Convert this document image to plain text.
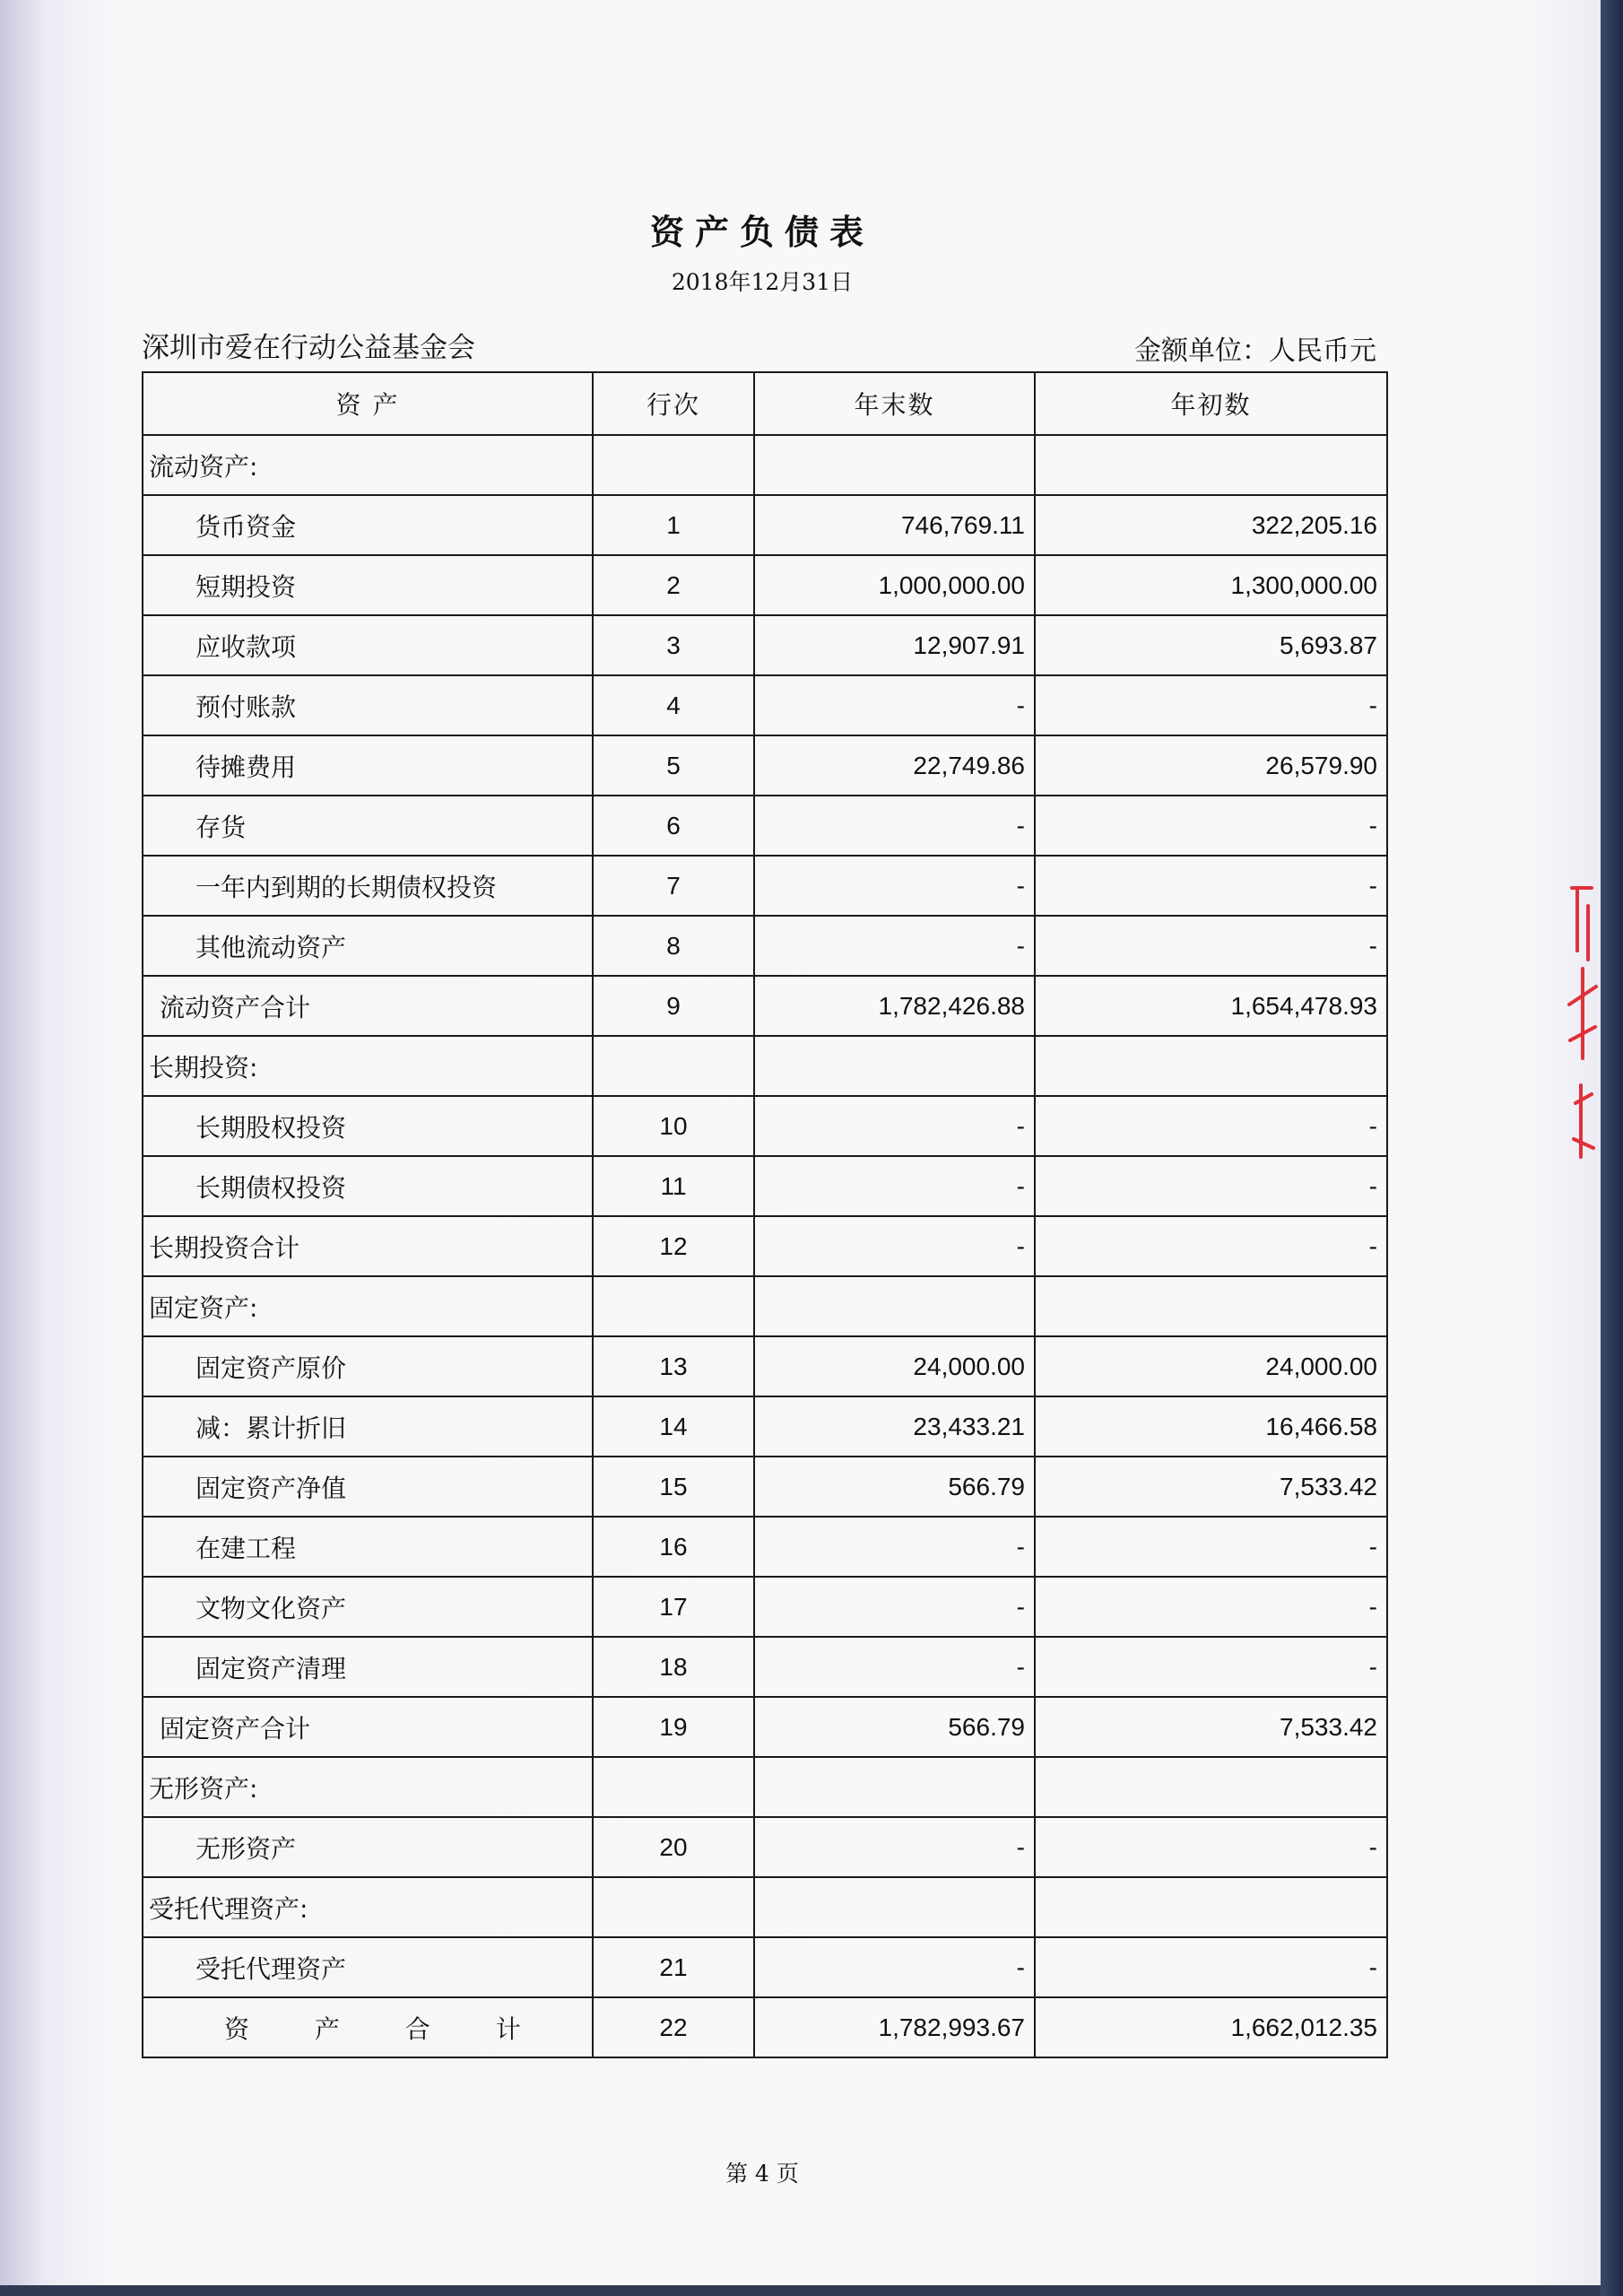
资产负债表
2018年12月31日
深圳市爱在行动公益基金会	金额单位：人民币元
资 产	行次	年末数	年初数
流动资产:			
货币资金	1	746,769.11	322,205.16
短期投资	2	1,000,000.00	1,300,000.00
应收款项	3	12,907.91	5,693.87
预付账款	4	-	-
待摊费用	5	22,749.86	26,579.90
存货	6	-	-
一年内到期的长期债权投资	7	-	-
其他流动资产	8	-	-
流动资产合计	9	1,782,426.88	1,654,478.93
长期投资:			
长期股权投资	10	-	-
长期债权投资	11	-	-
长期投资合计	12	-	-
固定资产:			
固定资产原价	13	24,000.00	24,000.00
减：累计折旧	14	23,433.21	16,466.58
固定资产净值	15	566.79	7,533.42
在建工程	16	-	-
文物文化资产	17	-	-
固定资产清理	18	-	-
固定资产合计	19	566.79	7,533.42
无形资产:			
无形资产	20	-	-
受托代理资产:			
受托代理资产	21	-	-
资 产 合 计	22	1,782,993.67	1,662,012.35
第 4 页
